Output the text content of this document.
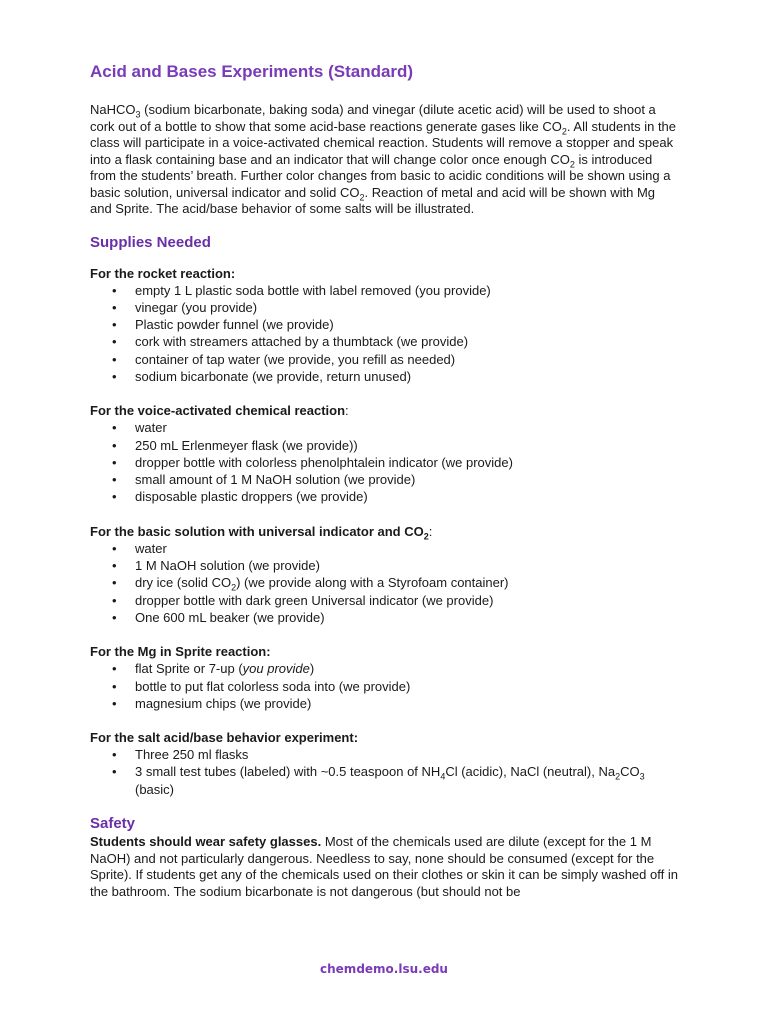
Acid and Bases Experiments (Standard)

NaHCO$_3$ (sodium bicarbonate, baking soda) and vinegar (dilute acetic acid) will be used to shoot a cork out of a bottle to show that some acid-base reactions generate gases like $CO_2$. All students in the class will participate in a voice-activated chemical reaction. Students will remove a stopper and speak into a flask containing base and an indicator that will change color once enough $CO_2$ is introduced from the students’ breath. Further color changes from basic to acidic conditions will be shown using a basic solution, universal indicator and solid $CO_2$. Reaction of metal and acid will be shown with Mg and Sprite. The acid/base behavior of some salts will be illustrated.

Supplies Needed
For the rocket reaction:
• empty 1 L plastic soda bottle with label removed (you provide)
• vinegar (you provide)
• Plastic powder funnel (we provide)
• cork with streamers attached by a thumbtack (we provide)
• container of tap water (we provide, you refill as needed)
• sodium bicarbonate (we provide, return unused)
For the voice-activated chemical reaction:
• water
• 250 mL Erlenmeyer flask (we provide))
• dropper bottle with colorless phenolphtalein indicator (we provide)
• small amount of 1 M NaOH solution (we provide)
• disposable plastic droppers (we provide)
For the basic solution with universal indicator and $CO_2$:
• water
• 1 M NaOH solution (we provide)
• dry ice (solid $CO_2$) (we provide along with a Styrofoam container)
• dropper bottle with dark green Universal indicator (we provide)
• One 600 mL beaker (we provide)
For the Mg in Sprite reaction:
• flat Sprite or 7-up (you provide)
• bottle to put flat colorless soda into (we provide)
• magnesium chips (we provide)
For the salt acid/base behavior experiment:
• Three 250 ml flasks
• 3 small test tubes (labeled) with ~0.5 teaspoon of $NH_4Cl$ (acidic), NaCl (neutral), $Na_2CO_3$ (basic)
Safety

Students should wear safety glasses. Most of the chemicals used are dilute (except for the 1 M NaOH) and not particularly dangerous. Needless to say, none should be consumed (except for the Sprite). If students get any of the chemicals used on their clothes or skin it can be simply washed off in the bathroom. The sodium bicarbonate is not dangerous (but should not be

chemdemo.lsu.edu
